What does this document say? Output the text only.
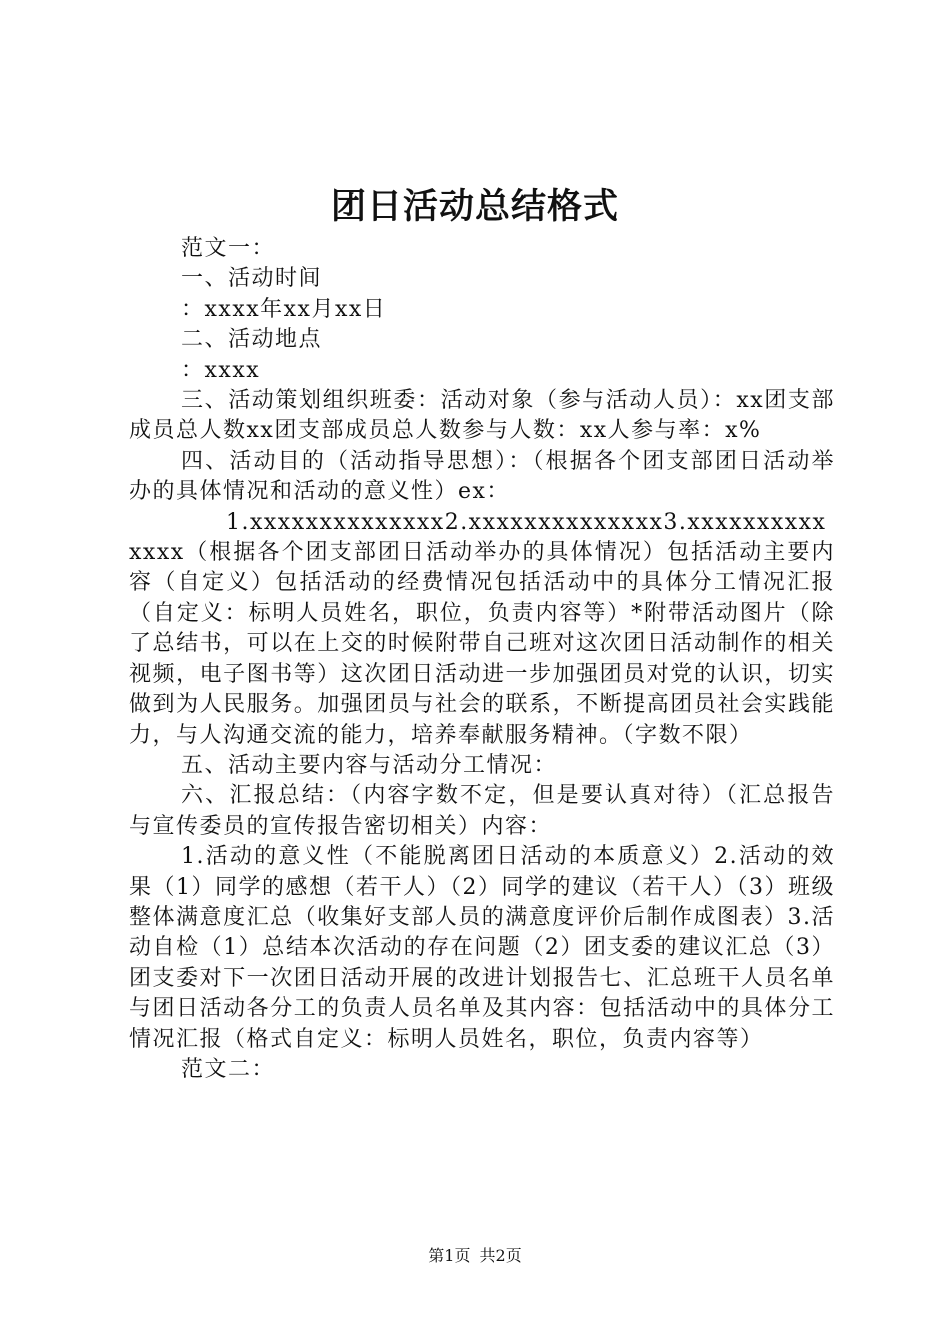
团日活动总结格式

范文一：

一、活动时间

：xxxx年xx月xx日

二、活动地点

：xxxx

三、活动策划组织班委：活动对象（参与活动人员）：xx团支部成员总人数xx团支部成员总人数参与人数：xx人参与率：x%

四、活动目的（活动指导思想）：（根据各个团支部团日活动举办的具体情况和活动的意义性）ex：

1.xxxxxxxxxxxxxx2.xxxxxxxxxxxxxx3.xxxxxxxxxxxxxx（根据各个团支部团日活动举办的具体情况）包括活动主要内容（自定义）包括活动的经费情况包括活动中的具体分工情况汇报（自定义：标明人员姓名，职位，负责内容等）*附带活动图片（除了总结书，可以在上交的时候附带自己班对这次团日活动制作的相关视频，电子图书等）这次团日活动进一步加强团员对党的认识，切实做到为人民服务。加强团员与社会的联系，不断提高团员社会实践能力，与人沟通交流的能力，培养奉献服务精神。（字数不限）

五、活动主要内容与活动分工情况：

六、汇报总结：（内容字数不定，但是要认真对待）（汇总报告与宣传委员的宣传报告密切相关）内容：

1.活动的意义性（不能脱离团日活动的本质意义）2.活动的效果（1）同学的感想（若干人）（2）同学的建议（若干人）（3）班级整体满意度汇总（收集好支部人员的满意度评价后制作成图表）3.活动自检（1）总结本次活动的存在问题（2）团支委的建议汇总（3）团支委对下一次团日活动开展的改进计划报告七、汇总班干人员名单与团日活动各分工的负责人员名单及其内容：包括活动中的具体分工情况汇报（格式自定义：标明人员姓名，职位，负责内容等）

范文二：

第1页 共2页
